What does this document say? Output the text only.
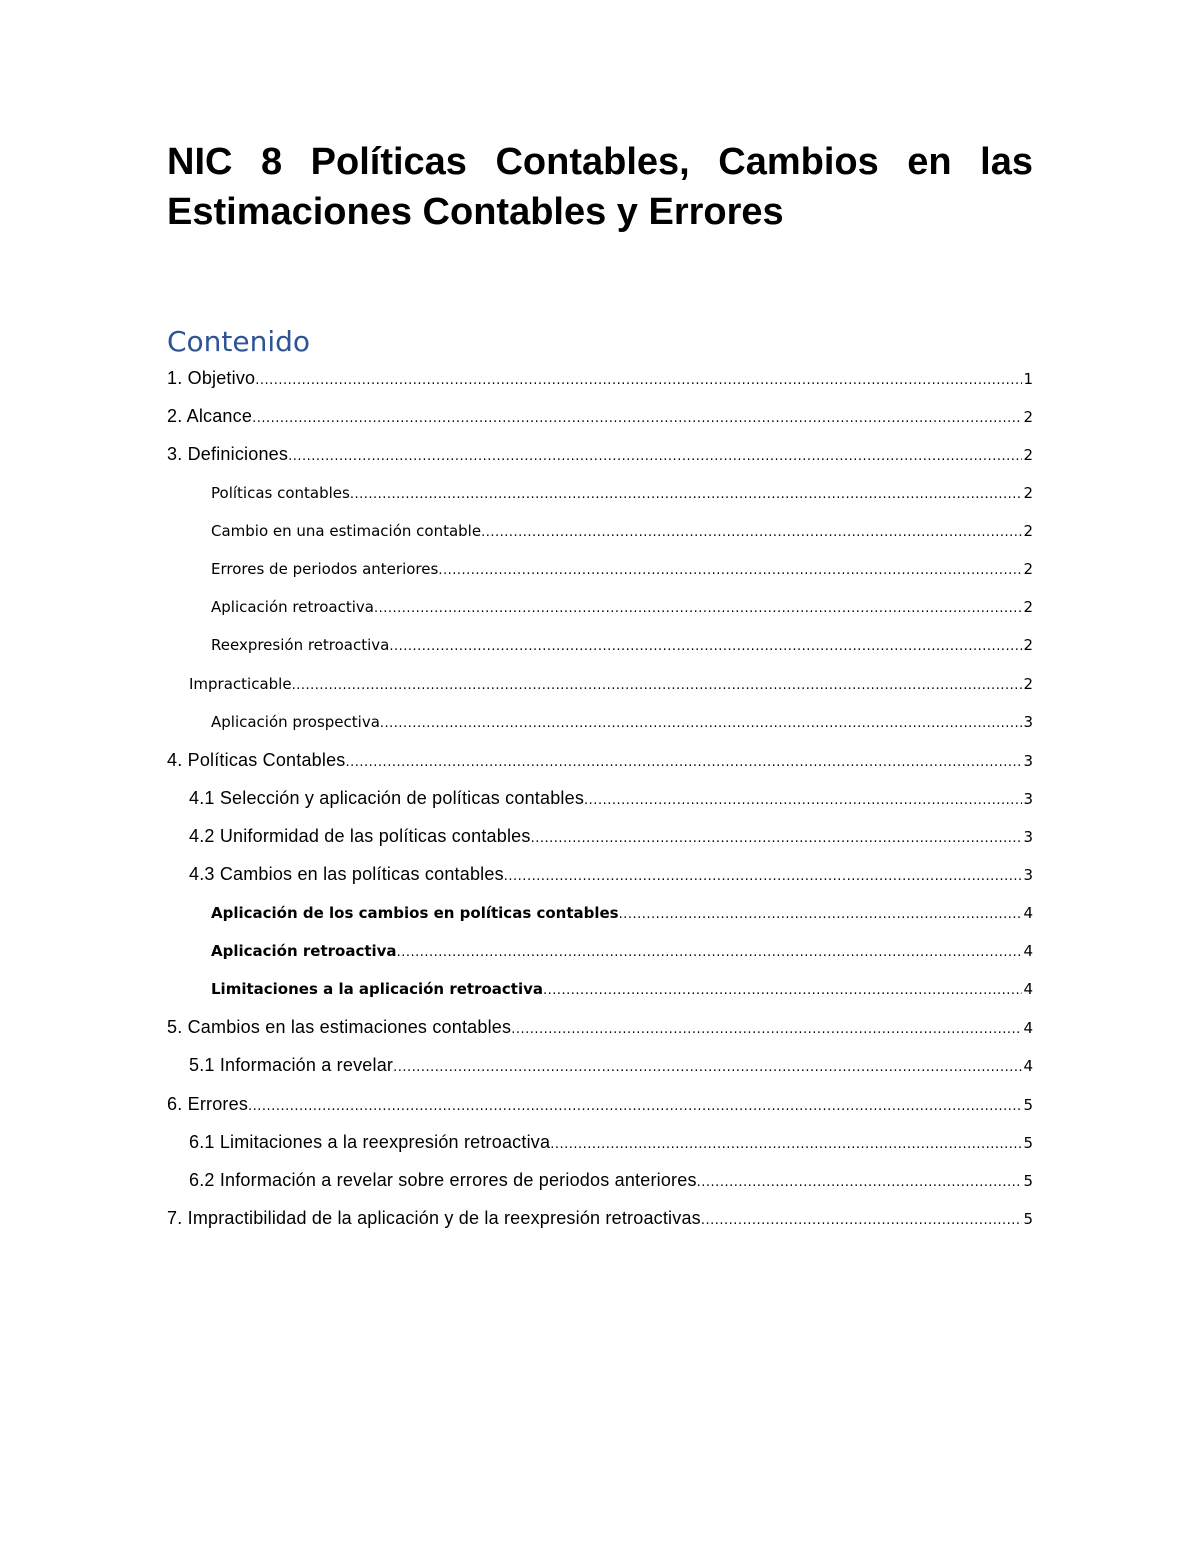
NIC 8 Políticas Contables, Cambios en las Estimaciones Contables y Errores
Contenido
1. Objetivo .....	1
2. Alcance .....	2
3. Definiciones .....	2
Políticas contables .....	2
Cambio en una estimación contable .....	2
Errores de periodos anteriores .....	2
Aplicación retroactiva .....	2
Reexpresión retroactiva .....	2
Impracticable .....	2
Aplicación prospectiva .....	3
4. Políticas Contables .....	3
4.1 Selección y aplicación de políticas contables .....	3
4.2 Uniformidad de las políticas contables .....	3
4.3 Cambios en las políticas contables .....	3
Aplicación de los cambios en políticas contables .....	4
Aplicación retroactiva .....	4
Limitaciones a la aplicación retroactiva .....	4
5. Cambios en las estimaciones contables .....	4
5.1 Información a revelar .....	4
6. Errores .....	5
6.1 Limitaciones a la reexpresión retroactiva .....	5
6.2 Información a revelar sobre errores de periodos anteriores .....	5
7. Impractibilidad de la aplicación y de la reexpresión retroactivas .....	5
